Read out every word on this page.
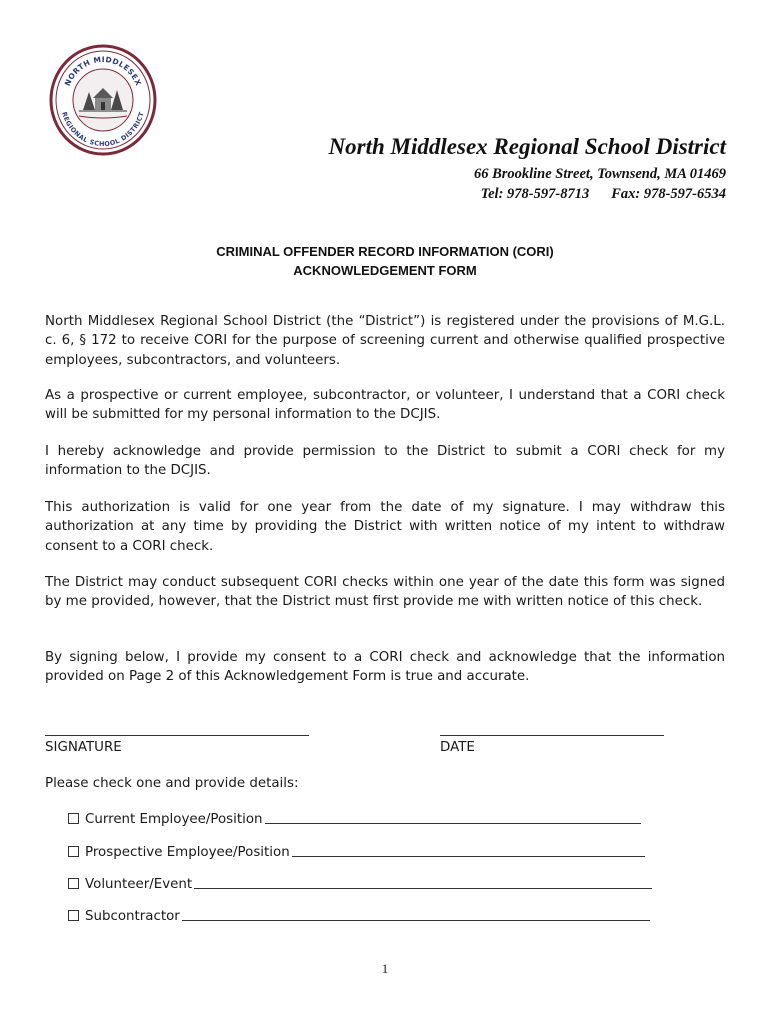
NORTH MIDDLESEX
REGIONAL SCHOOL DISTRICT
North Middlesex Regional School District
66 Brookline Street, Townsend, MA 01469
Tel: 978-597-8713 Fax: 978-597-6534
CRIMINAL OFFENDER RECORD INFORMATION (CORI)
ACKNOWLEDGEMENT FORM
North Middlesex Regional School District (the “District”) is registered under the provisions of M.G.L. c. 6, § 172 to receive CORI for the purpose of screening current and otherwise qualified prospective employees, subcontractors, and volunteers.
As a prospective or current employee, subcontractor, or volunteer, I understand that a CORI check will be submitted for my personal information to the DCJIS.
I hereby acknowledge and provide permission to the District to submit a CORI check for my information to the DCJIS.
This authorization is valid for one year from the date of my signature. I may withdraw this authorization at any time by providing the District with written notice of my intent to withdraw consent to a CORI check.
The District may conduct subsequent CORI checks within one year of the date this form was signed by me provided, however, that the District must first provide me with written notice of this check.
By signing below, I provide my consent to a CORI check and acknowledge that the information provided on Page 2 of this Acknowledgement Form is true and accurate.
SIGNATURE	DATE
Please check one and provide details:
Current Employee/Position
Prospective Employee/Position
Volunteer/Event
Subcontractor
1
